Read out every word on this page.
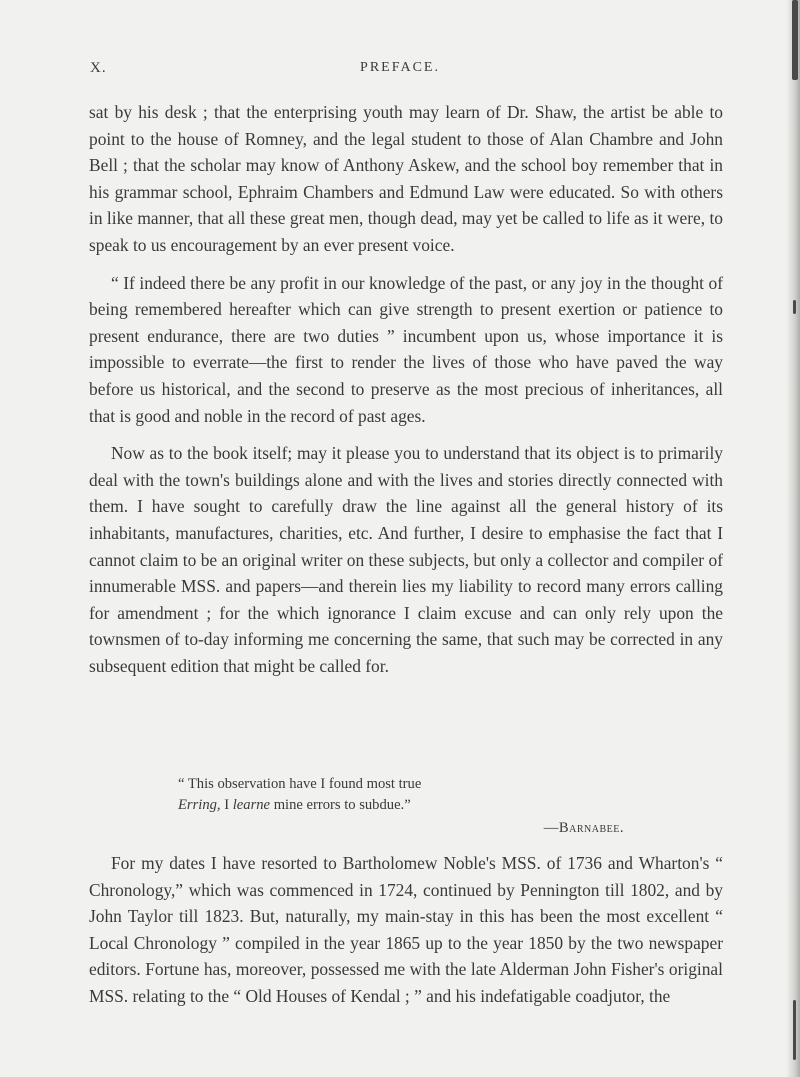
X.	PREFACE.

sat by his desk ; that the enterprising youth may learn of Dr. Shaw, the artist be able to point to the house of Romney, and the legal student to those of Alan Chambre and John Bell ; that the scholar may know of Anthony Askew, and the school boy remember that in his grammar school, Ephraim Chambers and Edmund Law were educated. So with others in like manner, that all these great men, though dead, may yet be called to life as it were, to speak to us encouragement by an ever present voice.

“ If indeed there be any profit in our knowledge of the past, or any joy in the thought of being remembered hereafter which can give strength to present exertion or patience to present endurance, there are two duties ” incumbent upon us, whose importance it is impossible to everrate—the first to render the lives of those who have paved the way before us historical, and the second to preserve as the most precious of inheritances, all that is good and noble in the record of past ages.

Now as to the book itself; may it please you to understand that its object is to primarily deal with the town's buildings alone and with the lives and stories directly connected with them. I have sought to carefully draw the line against all the general history of its inhabitants, manufactures, charities, etc. And further, I desire to emphasise the fact that I cannot claim to be an original writer on these subjects, but only a collector and compiler of innumerable MSS. and papers—and therein lies my liability to record many errors calling for amendment ; for the which ignorance I claim excuse and can only rely upon the townsmen of to-day informing me concerning the same, that such may be corrected in any subsequent edition that might be called for.

“ This observation have I found most true
Erring, I learne mine errors to subdue.”
—Barnabee.

For my dates I have resorted to Bartholomew Noble's MSS. of 1736 and Wharton's “ Chronology,” which was commenced in 1724, continued by Pennington till 1802, and by John Taylor till 1823. But, naturally, my main-stay in this has been the most excellent “ Local Chronology ” compiled in the year 1865 up to the year 1850 by the two newspaper editors. Fortune has, moreover, possessed me with the late Alderman John Fisher's original MSS. relating to the “ Old Houses of Kendal ; ” and his indefatigable coadjutor, the
